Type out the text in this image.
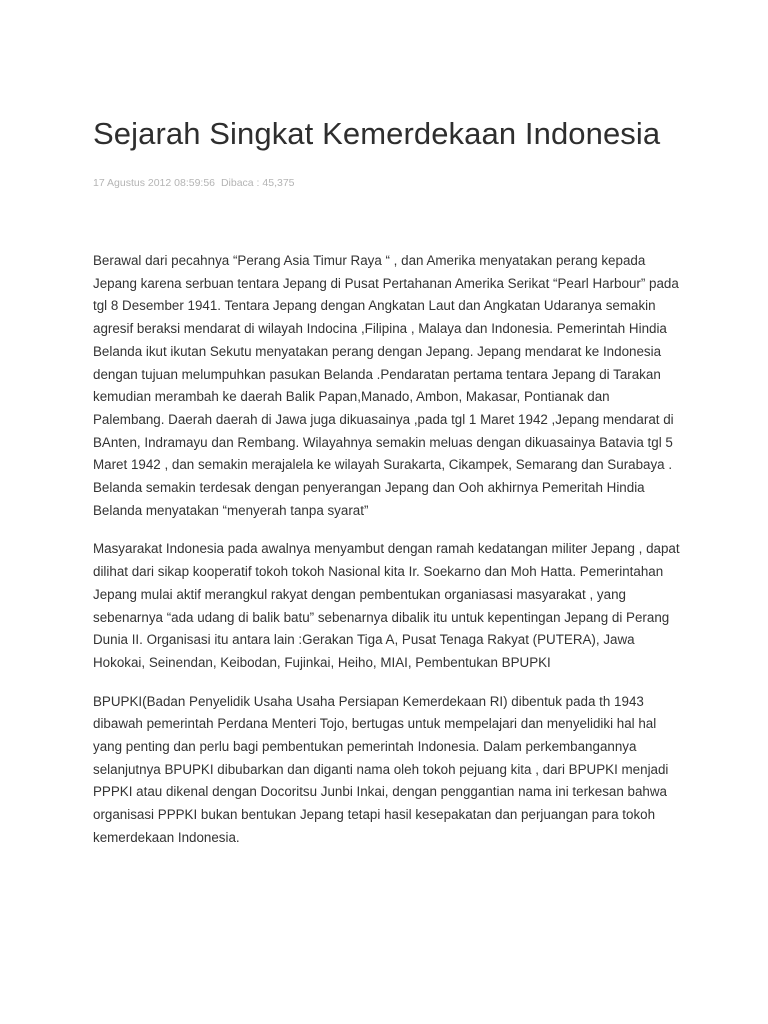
Sejarah Singkat Kemerdekaan Indonesia
17 Agustus 2012 08:59:56 Dibaca : 45,375

Berawal dari pecahnya “Perang Asia Timur Raya “ , dan Amerika menyatakan perang kepada Jepang karena serbuan tentara Jepang di Pusat Pertahanan Amerika Serikat “Pearl Harbour” pada tgl 8 Desember 1941. Tentara Jepang dengan Angkatan Laut dan Angkatan Udaranya semakin agresif beraksi mendarat di wilayah Indocina ,Filipina , Malaya dan Indonesia. Pemerintah Hindia Belanda ikut ikutan Sekutu menyatakan perang dengan Jepang. Jepang mendarat ke Indonesia dengan tujuan melumpuhkan pasukan Belanda .Pendaratan pertama tentara Jepang di Tarakan kemudian merambah ke daerah Balik Papan,Manado, Ambon, Makasar, Pontianak dan Palembang. Daerah daerah di Jawa juga dikuasainya ,pada tgl 1 Maret 1942 ,Jepang mendarat di BAnten, Indramayu dan Rembang. Wilayahnya semakin meluas dengan dikuasainya Batavia tgl 5 Maret 1942 , dan semakin merajalela ke wilayah Surakarta, Cikampek, Semarang dan Surabaya . Belanda semakin terdesak dengan penyerangan Jepang dan Ooh akhirnya Pemeritah Hindia Belanda menyatakan “menyerah tanpa syarat”

Masyarakat Indonesia pada awalnya menyambut dengan ramah kedatangan militer Jepang , dapat dilihat dari sikap kooperatif tokoh tokoh Nasional kita Ir. Soekarno dan Moh Hatta. Pemerintahan Jepang mulai aktif merangkul rakyat dengan pembentukan organiasasi masyarakat , yang sebenarnya “ada udang di balik batu” sebenarnya dibalik itu untuk kepentingan Jepang di Perang Dunia II. Organisasi itu antara lain :Gerakan Tiga A, Pusat Tenaga Rakyat (PUTERA), Jawa Hokokai, Seinendan, Keibodan, Fujinkai, Heiho, MIAI, Pembentukan BPUPKI

BPUPKI(Badan Penyelidik Usaha Usaha Persiapan Kemerdekaan RI) dibentuk pada th 1943 dibawah pemerintah Perdana Menteri Tojo, bertugas untuk mempelajari dan menyelidiki hal hal yang penting dan perlu bagi pembentukan pemerintah Indonesia. Dalam perkembangannya selanjutnya BPUPKI dibubarkan dan diganti nama oleh tokoh pejuang kita , dari BPUPKI menjadi PPPKI atau dikenal dengan Docoritsu Junbi Inkai, dengan penggantian nama ini terkesan bahwa organisasi PPPKI bukan bentukan Jepang tetapi hasil kesepakatan dan perjuangan para tokoh kemerdekaan Indonesia.
